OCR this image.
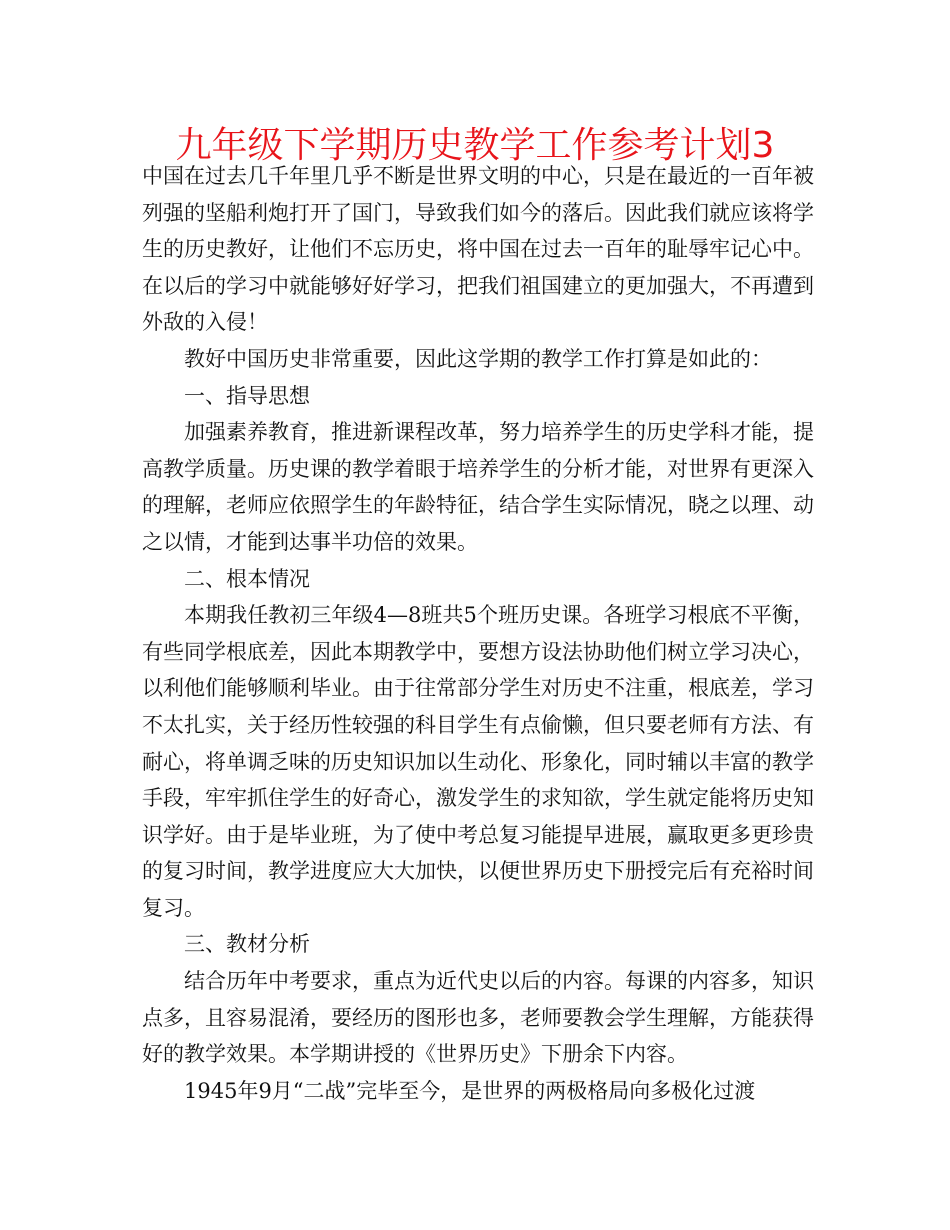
九年级下学期历史教学工作参考计划3

中国在过去几千年里几乎不断是世界文明的中心，只是在最近的一百年被列强的坚船利炮打开了国门，导致我们如今的落后。因此我们就应该将学生的历史教好，让他们不忘历史，将中国在过去一百年的耻辱牢记心中。在以后的学习中就能够好好学习，把我们祖国建立的更加强大，不再遭到外敌的入侵！

教好中国历史非常重要，因此这学期的教学工作打算是如此的：

一、指导思想

加强素养教育，推进新课程改革，努力培养学生的历史学科才能，提高教学质量。历史课的教学着眼于培养学生的分析才能，对世界有更深入的理解，老师应依照学生的年龄特征，结合学生实际情况，晓之以理、动之以情，才能到达事半功倍的效果。

二、根本情况

本期我任教初三年级4—8班共5个班历史课。各班学习根底不平衡，有些同学根底差，因此本期教学中，要想方设法协助他们树立学习决心，以利他们能够顺利毕业。由于往常部分学生对历史不注重，根底差，学习不太扎实，关于经历性较强的科目学生有点偷懒，但只要老师有方法、有耐心，将单调乏味的历史知识加以生动化、形象化，同时辅以丰富的教学手段，牢牢抓住学生的好奇心，激发学生的求知欲，学生就定能将历史知识学好。由于是毕业班，为了使中考总复习能提早进展，赢取更多更珍贵的复习时间，教学进度应大大加快，以便世界历史下册授完后有充裕时间复习。

三、教材分析

结合历年中考要求，重点为近代史以后的内容。每课的内容多，知识点多，且容易混淆，要经历的图形也多，老师要教会学生理解，方能获得好的教学效果。本学期讲授的《世界历史》下册余下内容。

1945年9月“二战”完毕至今，是世界的两极格局向多极化过渡
